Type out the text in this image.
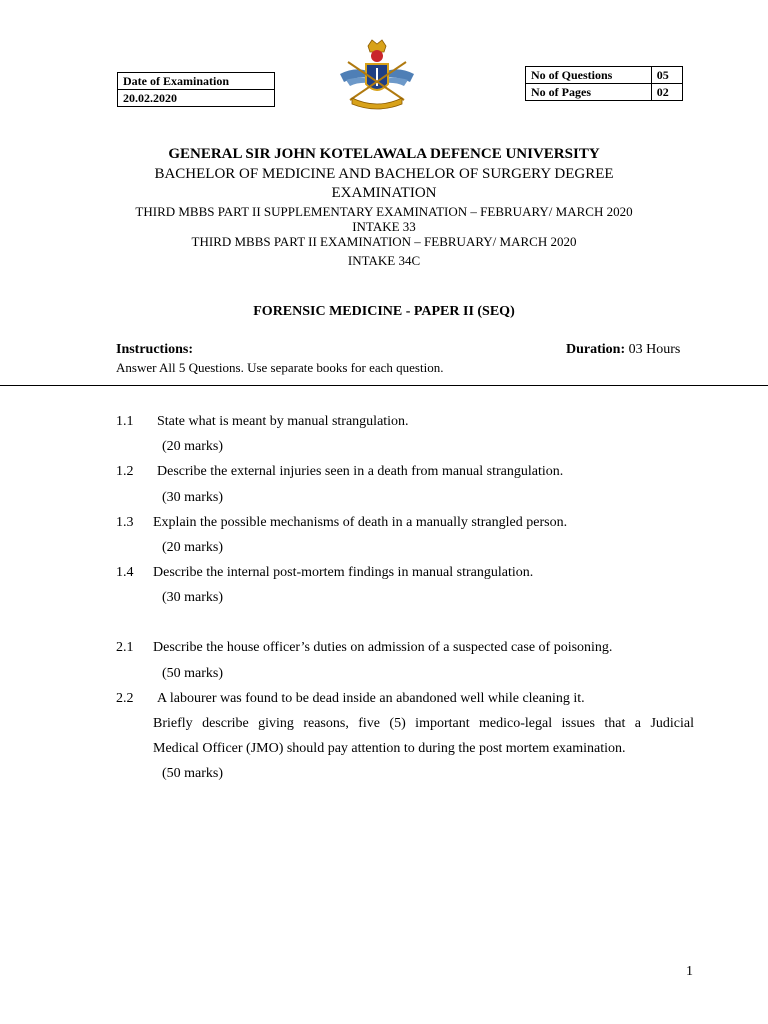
Date of Examination
20.02.2020
No of Questions	05
No of Pages	02
GENERAL SIR JOHN KOTELAWALA DEFENCE UNIVERSITY
BACHELOR OF MEDICINE AND BACHELOR OF SURGERY DEGREE
EXAMINATION
THIRD MBBS PART II SUPPLEMENTARY EXAMINATION – FEBRUARY/ MARCH 2020
INTAKE 33
THIRD MBBS PART II EXAMINATION – FEBRUARY/ MARCH 2020
INTAKE 34C
FORENSIC MEDICINE - PAPER II (SEQ)
Instructions:	Duration: 03 Hours
Answer All 5 Questions. Use separate books for each question.
1.1 State what is meant by manual strangulation.
(20 marks)
1.2 Describe the external injuries seen in a death from manual strangulation.
(30 marks)
1.3 Explain the possible mechanisms of death in a manually strangled person.
(20 marks)
1.4 Describe the internal post-mortem findings in manual strangulation.
(30 marks)
2.1 Describe the house officer’s duties on admission of a suspected case of poisoning.
(50 marks)
2.2 A labourer was found to be dead inside an abandoned well while cleaning it.
Briefly describe giving reasons, five (5) important medico-legal issues that a Judicial
Medical Officer (JMO) should pay attention to during the post mortem examination.
(50 marks)
1
